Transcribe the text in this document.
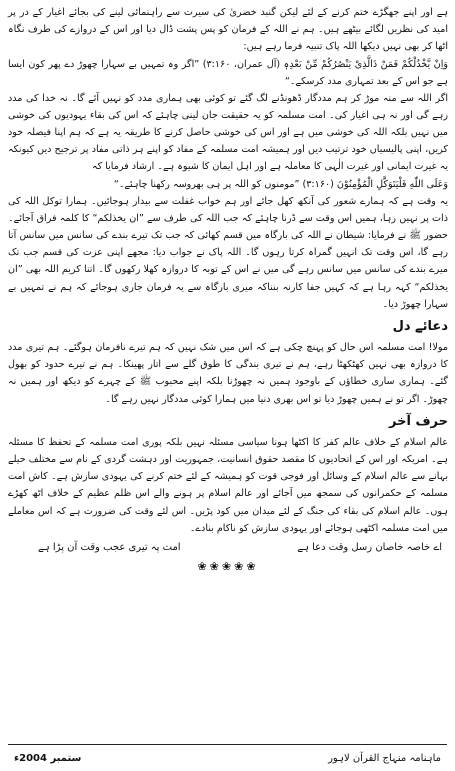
ہے اور اپنے جھگڑے ختم کرنے کے لئے لیکن گنبد خضریٰ کی سیرت سے راہنمائی لینے کی بجائے اغیار کے در پر امید کی نظریں لگائے بیٹھے ہیں۔ ہم نے اللہ کے فرمان کو پس پشت ڈال دیا اور اس کے دروازے کی طرف نگاہ اٹھا کر بھی نہیں دیکھا اللہ پاک تنبیہ فرما رہے ہیں:

وَاِنْ یَّخْذُلْکُمْ فَمَنْ ذَالَّذِیْ یَنْصُرُکُمْ مِّنْ بَعْدِہٖ (آل عمران، ۳:۱۶۰) ”اگر وہ تمہیں بے سہارا چھوڑ دے پھر کون ایسا ہے جو اس کے بعد تمہاری مدد کرسکے۔“

اگر اللہ سے منہ موڑ کر ہم مددگار ڈھونڈنے لگ گئے تو کوئی بھی ہماری مدد کو نہیں آئے گا۔ نہ خدا کی مدد رہے گی اور نہ ہی اغیار کی۔ امت مسلمہ کو یہ حقیقت جان لینی چاہئے کہ اس کی بقاء یہودیوں کی خوشی میں نہیں بلکہ اللہ کی خوشی میں ہے اور اس کی خوشی حاصل کرنے کا طریقہ یہ ہے کہ ہم اپنا فیصلہ خود کریں، اپنی پالیسیاں خود ترتیب دیں اور ہمیشہ امت مسلمہ کے مفاد کو اپنے ہر ذاتی مفاد پر ترجیح دیں کیونکہ یہ غیرت ایمانی اور غیرت الٰہی کا معاملہ ہے اور اہل ایمان کا شیوہ ہے۔ ارشاد فرمایا کہ

وَعَلَى اللّٰهِ فَلْيَتَوَكَّلِ الْمُؤْمِنُوْنَ (۳:۱۶۰) ”مومنوں کو اللہ پر ہی بھروسہ رکھنا چاہئے۔“

یہ وقت ہے کہ ہمارے شعور کی آنکھ کھل جائے اور ہم خواب غفلت سے بیدار ہوجائیں۔ ہمارا توکل اللہ کی ذات پر نہیں رہا، ہمیں اس وقت سے ڈرنا چاہئے کہ جب اللہ کی طرف سے ”ان یخذلکم“ کا کلمہ فراق آجائے۔ حضور ﷺ نے فرمایا: شیطان نے اللہ کی بارگاہ میں قسم کھائی کہ جب تک تیرے بندے کی سانس میں سانس آتا رہے گا، اس وقت تک انہیں گمراہ کرتا رہوں گا۔ اللہ پاک نے جواب دیا: مجھے اپنی عزت کی قسم جب تک میرے بندے کی سانس میں سانس رہے گی میں نے اس کے توبہ کا دروازہ کھلا رکھوں گا۔ اتنا کریم اللہ بھی ”ان یخذلکم“ کہہ رہا ہے کہ کہیں جفا کارنہ بنناکہ میری بارگاہ سے یہ فرمان جاری ہوجائے کہ ہم نے تمہیں بے سہارا چھوڑ دیا۔

دعائے دل

مولا! امت مسلمہ اس حال کو پہنچ چکی ہے کہ اس میں شک نہیں کہ ہم تیرے نافرمان ہوگئے۔ ہم تیری مدد کا دروازہ بھی نہیں کھٹکھٹا رہے، ہم نے تیری بندگی کا طوق گلے سے اتار پھینکا۔ ہم نے تیرے حدود کو بھول گئے۔ ہماری ساری خطاؤں کے باوجود ہمیں نہ چھوڑنا بلکہ اپنے محبوب ﷺ کے چہرے کو دیکھ اور ہمیں نہ چھوڑ۔ اگر تو نے ہمیں چھوڑ دیا تو اس بھری دنیا میں ہمارا کوئی مددگار نہیں رہے گا۔

حرف آخر

عالم اسلام کے خلاف عالم کفر کا اکٹھا ہونا سیاسی مسئلہ نہیں بلکہ پوری امت مسلمہ کے تحفظ کا مسئلہ ہے۔ امریکہ اور اس کے اتحادیوں کا مقصد حقوق انسانیت، جمہوریت اور دہشت گردی کے نام سے مختلف حیلے بہانے سے عالم اسلام کے وسائل اور فوجی قوت کو ہمیشہ کے لئے ختم کرنے کی یہودی سازش ہے۔ کاش امت مسلمہ کے حکمرانوں کی سمجھ میں آجائے اور عالم اسلام پر ہونے والے اس ظلم عظیم کے خلاف اٹھ کھڑے ہوں۔ عالم اسلام کی بقاء کی جنگ کے لئے میدان میں کود پڑیں۔ اس لئے وقت کی ضرورت ہے کہ اس معاملے میں امت مسلمہ اکٹھی ہوجائے اور یہودی سازش کو ناکام بنادے۔

اے خاصہ خاصان رسل وقت دعا ہے
امت پہ تیری عجب وقت آن پڑا ہے
❀❀❀❀❀
ستمبر 2004ء	ماہنامہ منہاج القرآن لاہور
